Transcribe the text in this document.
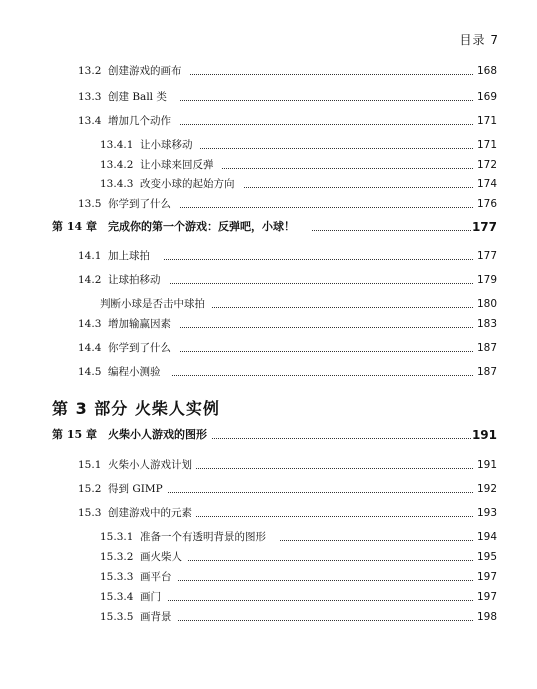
目录 7
13.2 创建游戏的画布	168
13.3 创建 Ball 类	169
13.4 增加几个动作	171
13.4.1 让小球移动	171
13.4.2 让小球来回反弹	172
13.4.3 改变小球的起始方向	174
13.5 你学到了什么	176
第 14 章 完成你的第一个游戏：反弹吧，小球！	177
14.1 加上球拍	177
14.2 让球拍移动	179
判断小球是否击中球拍	180
14.3 增加输赢因素	183
14.4 你学到了什么	187
14.5 编程小测验	187
第 3 部分 火柴人实例
第 15 章 火柴小人游戏的图形	191
15.1 火柴小人游戏计划	191
15.2 得到 GIMP	192
15.3 创建游戏中的元素	193
15.3.1 准备一个有透明背景的图形	194
15.3.2 画火柴人	195
15.3.3 画平台	197
15.3.4 画门	197
15.3.5 画背景	198
